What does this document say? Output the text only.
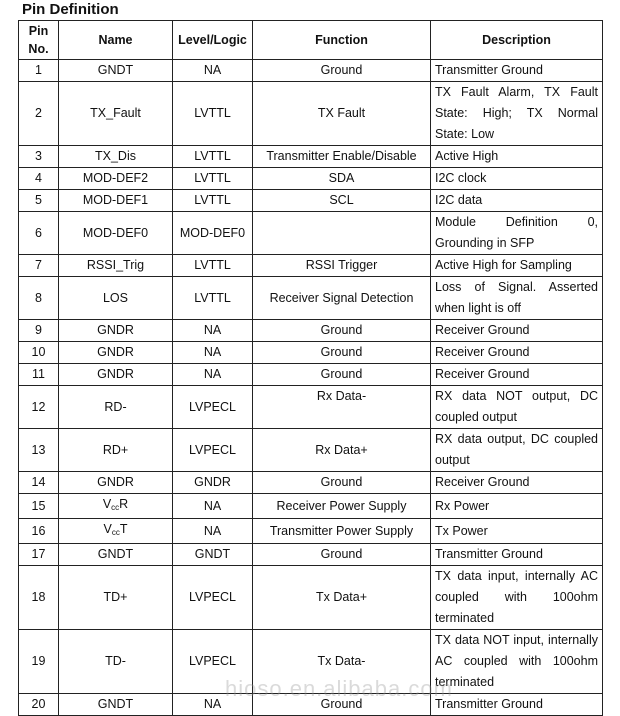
Pin Definition
Pin
No.	Name	Level/Logic	Function	Description
1	GNDT	NA	Ground	Transmitter Ground
2	TX_Fault	LVTTL	TX Fault	TX Fault Alarm, TX Fault State: High; TX Normal State: Low
3	TX_Dis	LVTTL	Transmitter Enable/Disable	Active High
4	MOD-DEF2	LVTTL	SDA	I2C clock
5	MOD-DEF1	LVTTL	SCL	I2C data
6	MOD-DEF0	MOD-DEF0		Module Definition 0, Grounding in SFP
7	RSSI_Trig	LVTTL	RSSI Trigger	Active High for Sampling
8	LOS	LVTTL	Receiver Signal Detection	Loss of Signal. Asserted when light is off
9	GNDR	NA	Ground	Receiver Ground
10	GNDR	NA	Ground	Receiver Ground
11	GNDR	NA	Ground	Receiver Ground
12	RD-	LVPECL	Rx Data-	RX data NOT output, DC coupled output
13	RD+	LVPECL	Rx Data+	RX data output, DC coupled output
14	GNDR	GNDR	Ground	Receiver Ground
15	$V_{cc}R$	NA	Receiver Power Supply	Rx Power
16	$V_{cc}T$	NA	Transmitter Power Supply	Tx Power
17	GNDT	GNDT	Ground	Transmitter Ground
18	TD+	LVPECL	Tx Data+	TX data input, internally AC coupled with 100ohm terminated
19	TD-	LVPECL	Tx Data-	TX data NOT input, internally AC coupled with 100ohm terminated
20	GNDT	NA	Ground	Transmitter Ground
hioso.en.alibaba.com
